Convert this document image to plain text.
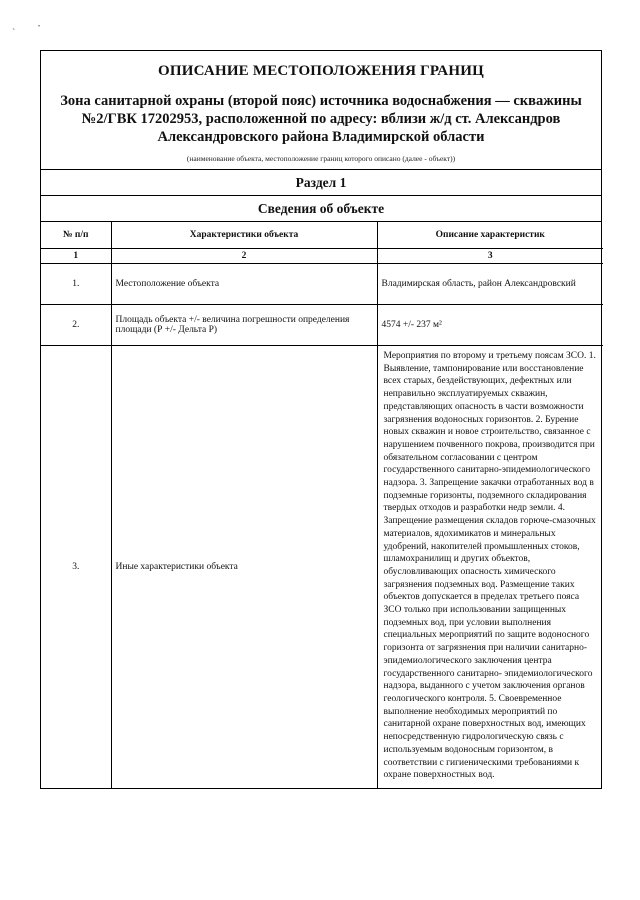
`
•

ОПИСАНИЕ МЕСТОПОЛОЖЕНИЯ ГРАНИЦ

Зона санитарной охраны (второй пояс) источника водоснабжения — скважины

№2/ГВК 17202953, расположенной по адресу: вблизи ж/д ст. Александров

Александровского района Владимирской области

(наименование объекта, местоположение границ которого описано (далее - объект))
Раздел 1
Сведения об объекте
№ п/п	Характеристики объекта	Описание характеристик
1	2	3
1.	Местоположение объекта	Владимирская область, район Александровский
2.	Площадь объекта +/- величина погрешности определения площади (Р +/- Дельта Р)	4574 +/- 237 м²
3.	Иные характеристики объекта	Мероприятия по второму и третьему поясам ЗСО. 1. Выявление, тампонирование или восстановление всех старых, бездействующих, дефектных или неправильно эксплуатируемых скважин, представляющих опасность в части возможности загрязнения водоносных горизонтов. 2. Бурение новых скважин и новое строительство, связанное с нарушением почвенного покрова, производится при обязательном согласовании с центром государственного санитарно-эпидемиологического надзора. 3. Запрещение закачки отработанных вод в подземные горизонты, подземного складирования твердых отходов и разработки недр земли. 4. Запрещение размещения складов горюче-смазочных материалов, ядохимикатов и минеральных удобрений, накопителей промышленных стоков, шламохранилищ и других объектов, обусловливающих опасность химического загрязнения подземных вод. Размещение таких объектов допускается в пределах третьего пояса ЗСО только при использовании защищенных подземных вод, при условии выполнения специальных мероприятий по защите водоносного горизонта от загрязнения при наличии санитарно-эпидемиологического заключения центра государственного санитарно- эпидемиологического надзора, выданного с учетом заключения органов геологического контроля. 5. Своевременное выполнение необходимых мероприятий по санитарной охране поверхностных вод, имеющих непосредственную гидрологическую связь с используемым водоносным горизонтом, в соответствии с гигиеническими требованиями к охране поверхностных вод.
